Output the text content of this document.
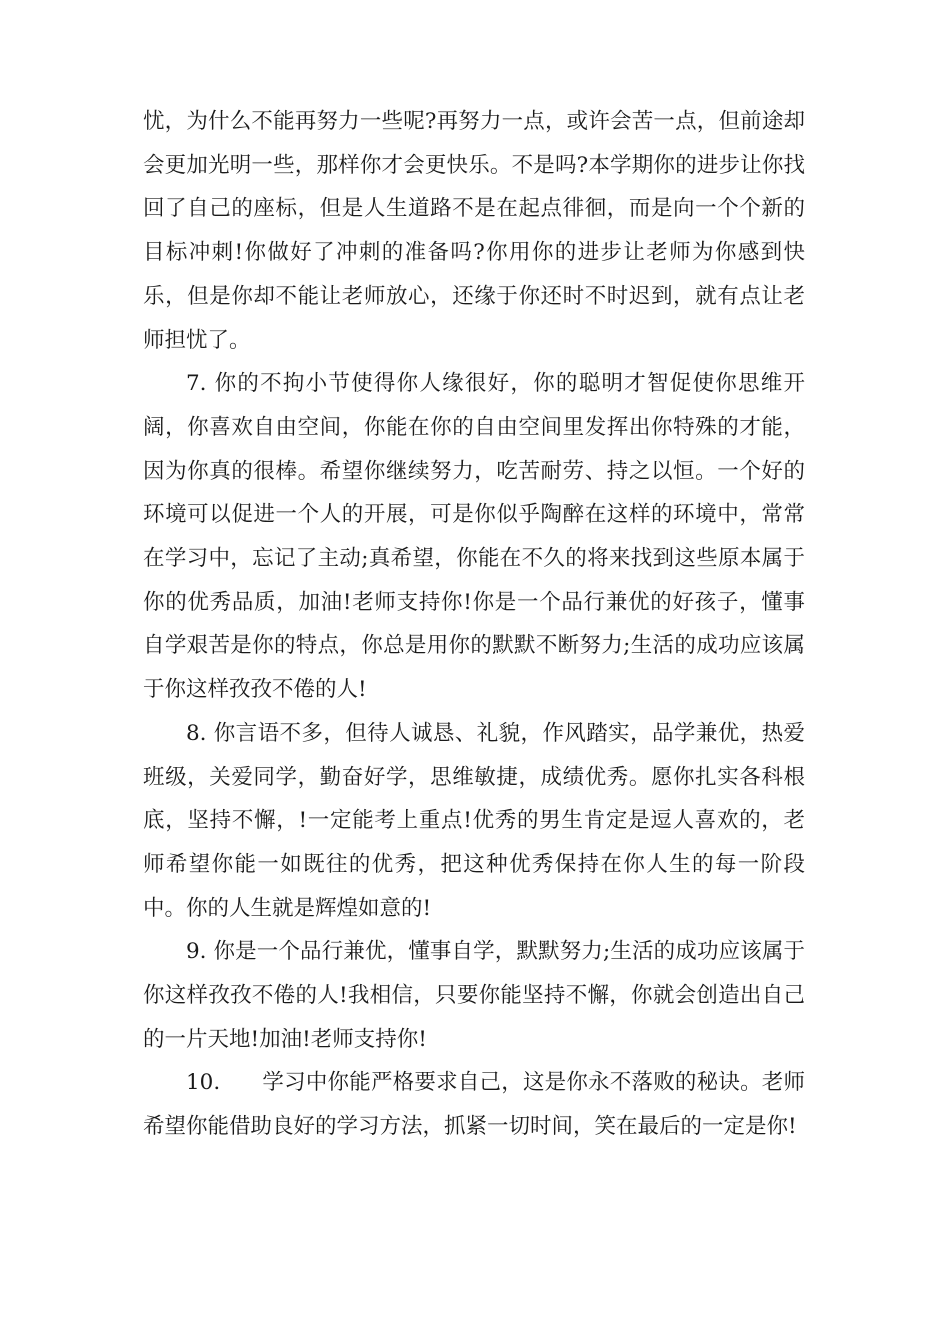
忧，为什么不能再努力一些呢?再努力一点，或许会苦一点，但前途却会更加光明一些，那样你才会更快乐。不是吗?本学期你的进步让你找回了自己的座标，但是人生道路不是在起点徘徊，而是向一个个新的目标冲刺!你做好了冲刺的准备吗?你用你的进步让老师为你感到快乐，但是你却不能让老师放心，还缘于你还时不时迟到，就有点让老师担忧了。

7. 你的不拘小节使得你人缘很好，你的聪明才智促使你思维开阔，你喜欢自由空间，你能在你的自由空间里发挥出你特殊的才能，因为你真的很棒。希望你继续努力，吃苦耐劳、持之以恒。一个好的环境可以促进一个人的开展，可是你似乎陶醉在这样的环境中，常常在学习中，忘记了主动;真希望，你能在不久的将来找到这些原本属于你的优秀品质，加油!老师支持你!你是一个品行兼优的好孩子，懂事自学艰苦是你的特点，你总是用你的默默不断努力;生活的成功应该属于你这样孜孜不倦的人!

8. 你言语不多，但待人诚恳、礼貌，作风踏实，品学兼优，热爱班级，关爱同学，勤奋好学，思维敏捷，成绩优秀。愿你扎实各科根底，坚持不懈，!一定能考上重点!优秀的男生肯定是逗人喜欢的，老师希望你能一如既往的优秀，把这种优秀保持在你人生的每一阶段中。你的人生就是辉煌如意的!

9. 你是一个品行兼优，懂事自学，默默努力;生活的成功应该属于你这样孜孜不倦的人!我相信，只要你能坚持不懈，你就会创造出自己的一片天地!加油!老师支持你!

10. 学习中你能严格要求自己，这是你永不落败的秘诀。老师希望你能借助良好的学习方法，抓紧一切时间，笑在最后的一定是你!
